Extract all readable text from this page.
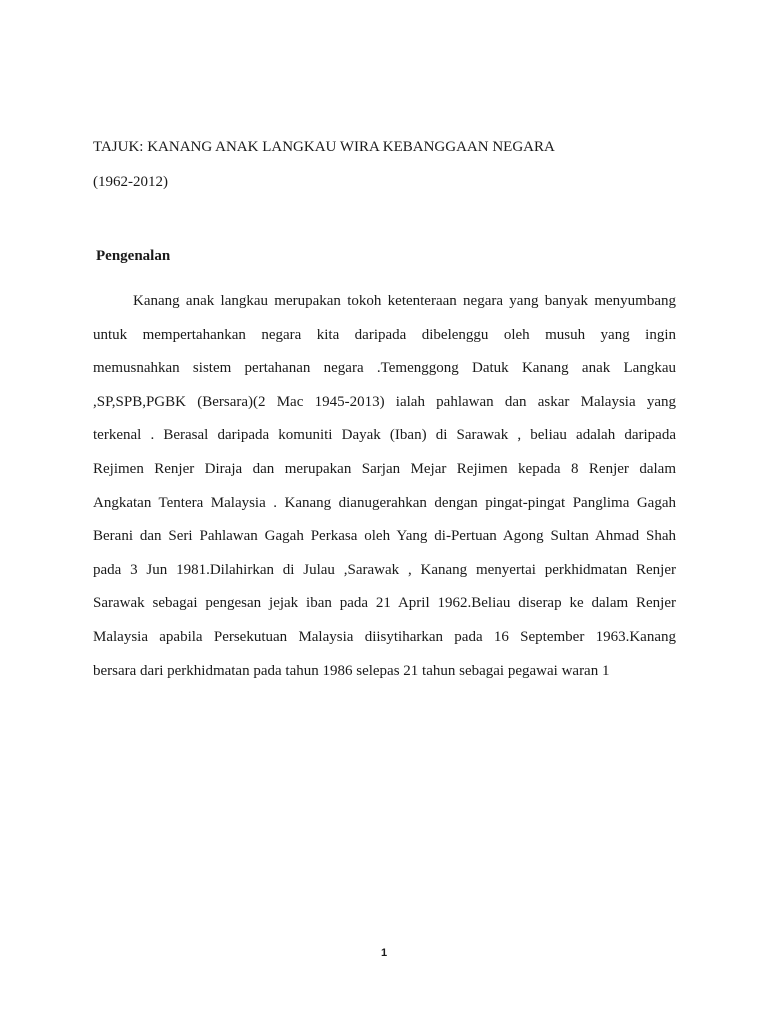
TAJUK: KANANG ANAK LANGKAU WIRA KEBANGGAAN NEGARA
(1962-2012)
Pengenalan
Kanang anak langkau merupakan tokoh ketenteraan negara yang banyak menyumbang
untuk mempertahankan negara kita daripada dibelenggu oleh musuh yang ingin
memusnahkan sistem pertahanan negara .Temenggong Datuk Kanang anak Langkau
,SP,SPB,PGBK (Bersara)(2 Mac 1945-2013) ialah pahlawan dan askar Malaysia yang
terkenal . Berasal daripada komuniti Dayak (Iban) di Sarawak , beliau adalah daripada
Rejimen Renjer Diraja dan merupakan Sarjan Mejar Rejimen kepada 8 Renjer dalam
Angkatan Tentera Malaysia . Kanang dianugerahkan dengan pingat-pingat Panglima Gagah
Berani dan Seri Pahlawan Gagah Perkasa oleh Yang di-Pertuan Agong Sultan Ahmad Shah
pada 3 Jun 1981.Dilahirkan di Julau ,Sarawak , Kanang menyertai perkhidmatan Renjer
Sarawak sebagai pengesan jejak iban pada 21 April 1962.Beliau diserap ke dalam Renjer
Malaysia apabila Persekutuan Malaysia diisytiharkan pada 16 September 1963.Kanang
bersara dari perkhidmatan pada tahun 1986 selepas 21 tahun sebagai pegawai waran 1
1
